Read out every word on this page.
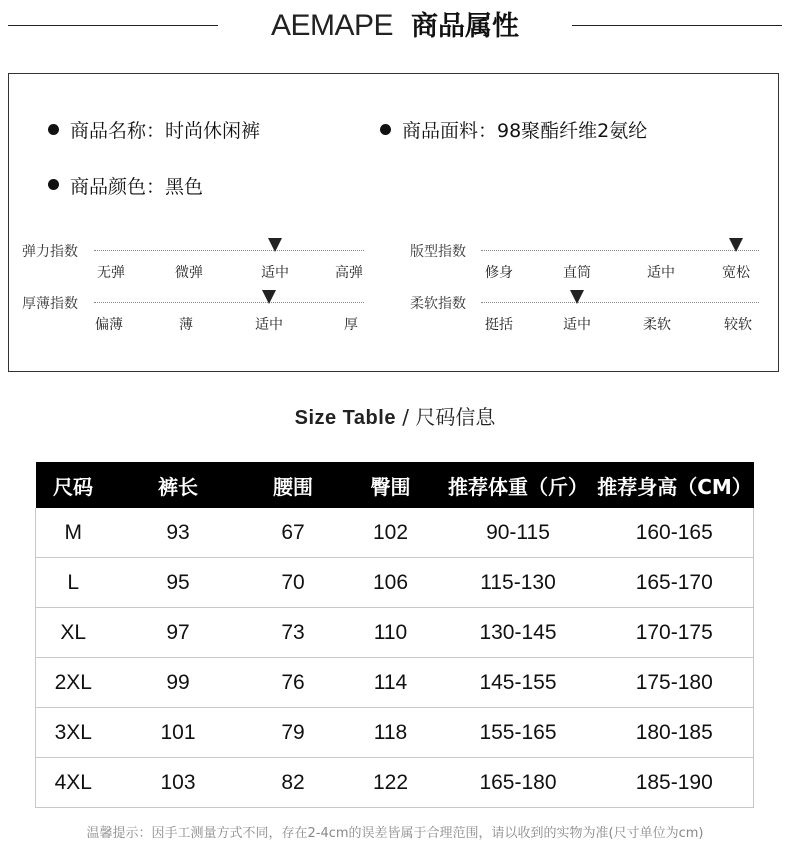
AEMAPE 商品属性
商品名称：时尚休闲裤	商品面料：98聚酯纤维2氨纶
商品颜色：黑色
弹力指数
无弹	微弹	适中	高弹
厚薄指数
偏薄	薄	适中	厚
版型指数
修身	直筒	适中	宽松
柔软指数
挺括	适中	柔软	较软
Size Table / 尺码信息
尺码	裤长	腰围	臀围	推荐体重（斤）	推荐身高（CM）
M	93	67	102	90-115	160-165
L	95	70	106	115-130	165-170
XL	97	73	110	130-145	170-175
2XL	99	76	114	145-155	175-180
3XL	101	79	118	155-165	180-185
4XL	103	82	122	165-180	185-190
温馨提示：因手工测量方式不同，存在2-4cm的误差皆属于合理范围，请以收到的实物为准(尺寸单位为cm)
